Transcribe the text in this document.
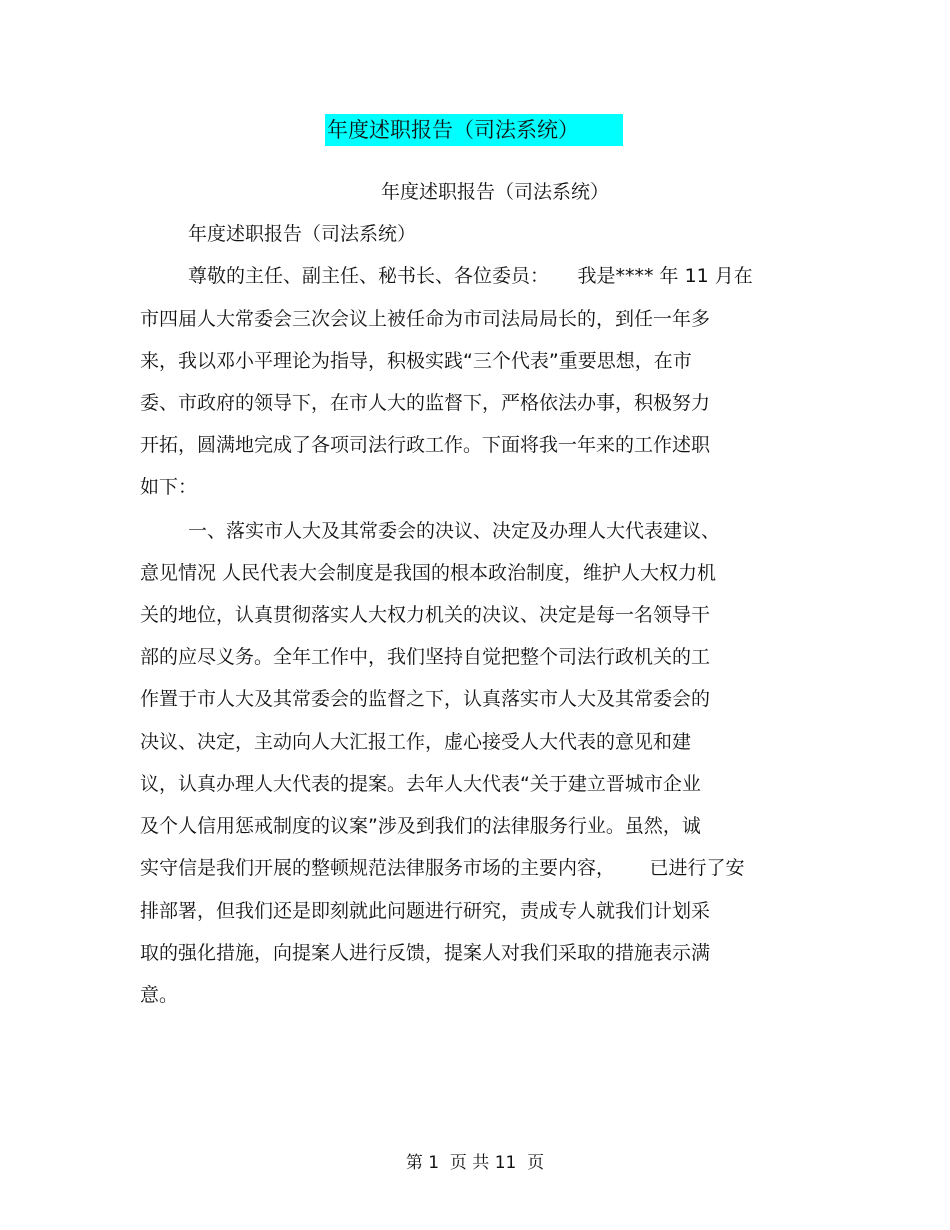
年度述职报告（司法系统）
年度述职报告（司法系统）
年度述职报告（司法系统）
尊敬的主任、副主任、秘书长、各位委员：　　我是**** 年 11 月在
市四届人大常委会三次会议上被任命为市司法局局长的，到任一年多
来，我以邓小平理论为指导，积极实践“三个代表”重要思想，在市
委、市政府的领导下，在市人大的监督下，严格依法办事，积极努力
开拓，圆满地完成了各项司法行政工作。下面将我一年来的工作述职
如下：
一、落实市人大及其常委会的决议、决定及办理人大代表建议、
意见情况 人民代表大会制度是我国的根本政治制度，维护人大权力机
关的地位，认真贯彻落实人大权力机关的决议、决定是每一名领导干
部的应尽义务。全年工作中，我们坚持自觉把整个司法行政机关的工
作置于市人大及其常委会的监督之下，认真落实市人大及其常委会的
决议、决定，主动向人大汇报工作，虚心接受人大代表的意见和建
议，认真办理人大代表的提案。去年人大代表“关于建立晋城市企业
及个人信用惩戒制度的议案”涉及到我们的法律服务行业。虽然，诚
实守信是我们开展的整顿规范法律服务市场的主要内容，　　 已进行了安
排部署，但我们还是即刻就此问题进行研究，责成专人就我们计划采
取的强化措施，向提案人进行反馈，提案人对我们采取的措施表示满
意。
第 1  页 共 11  页
